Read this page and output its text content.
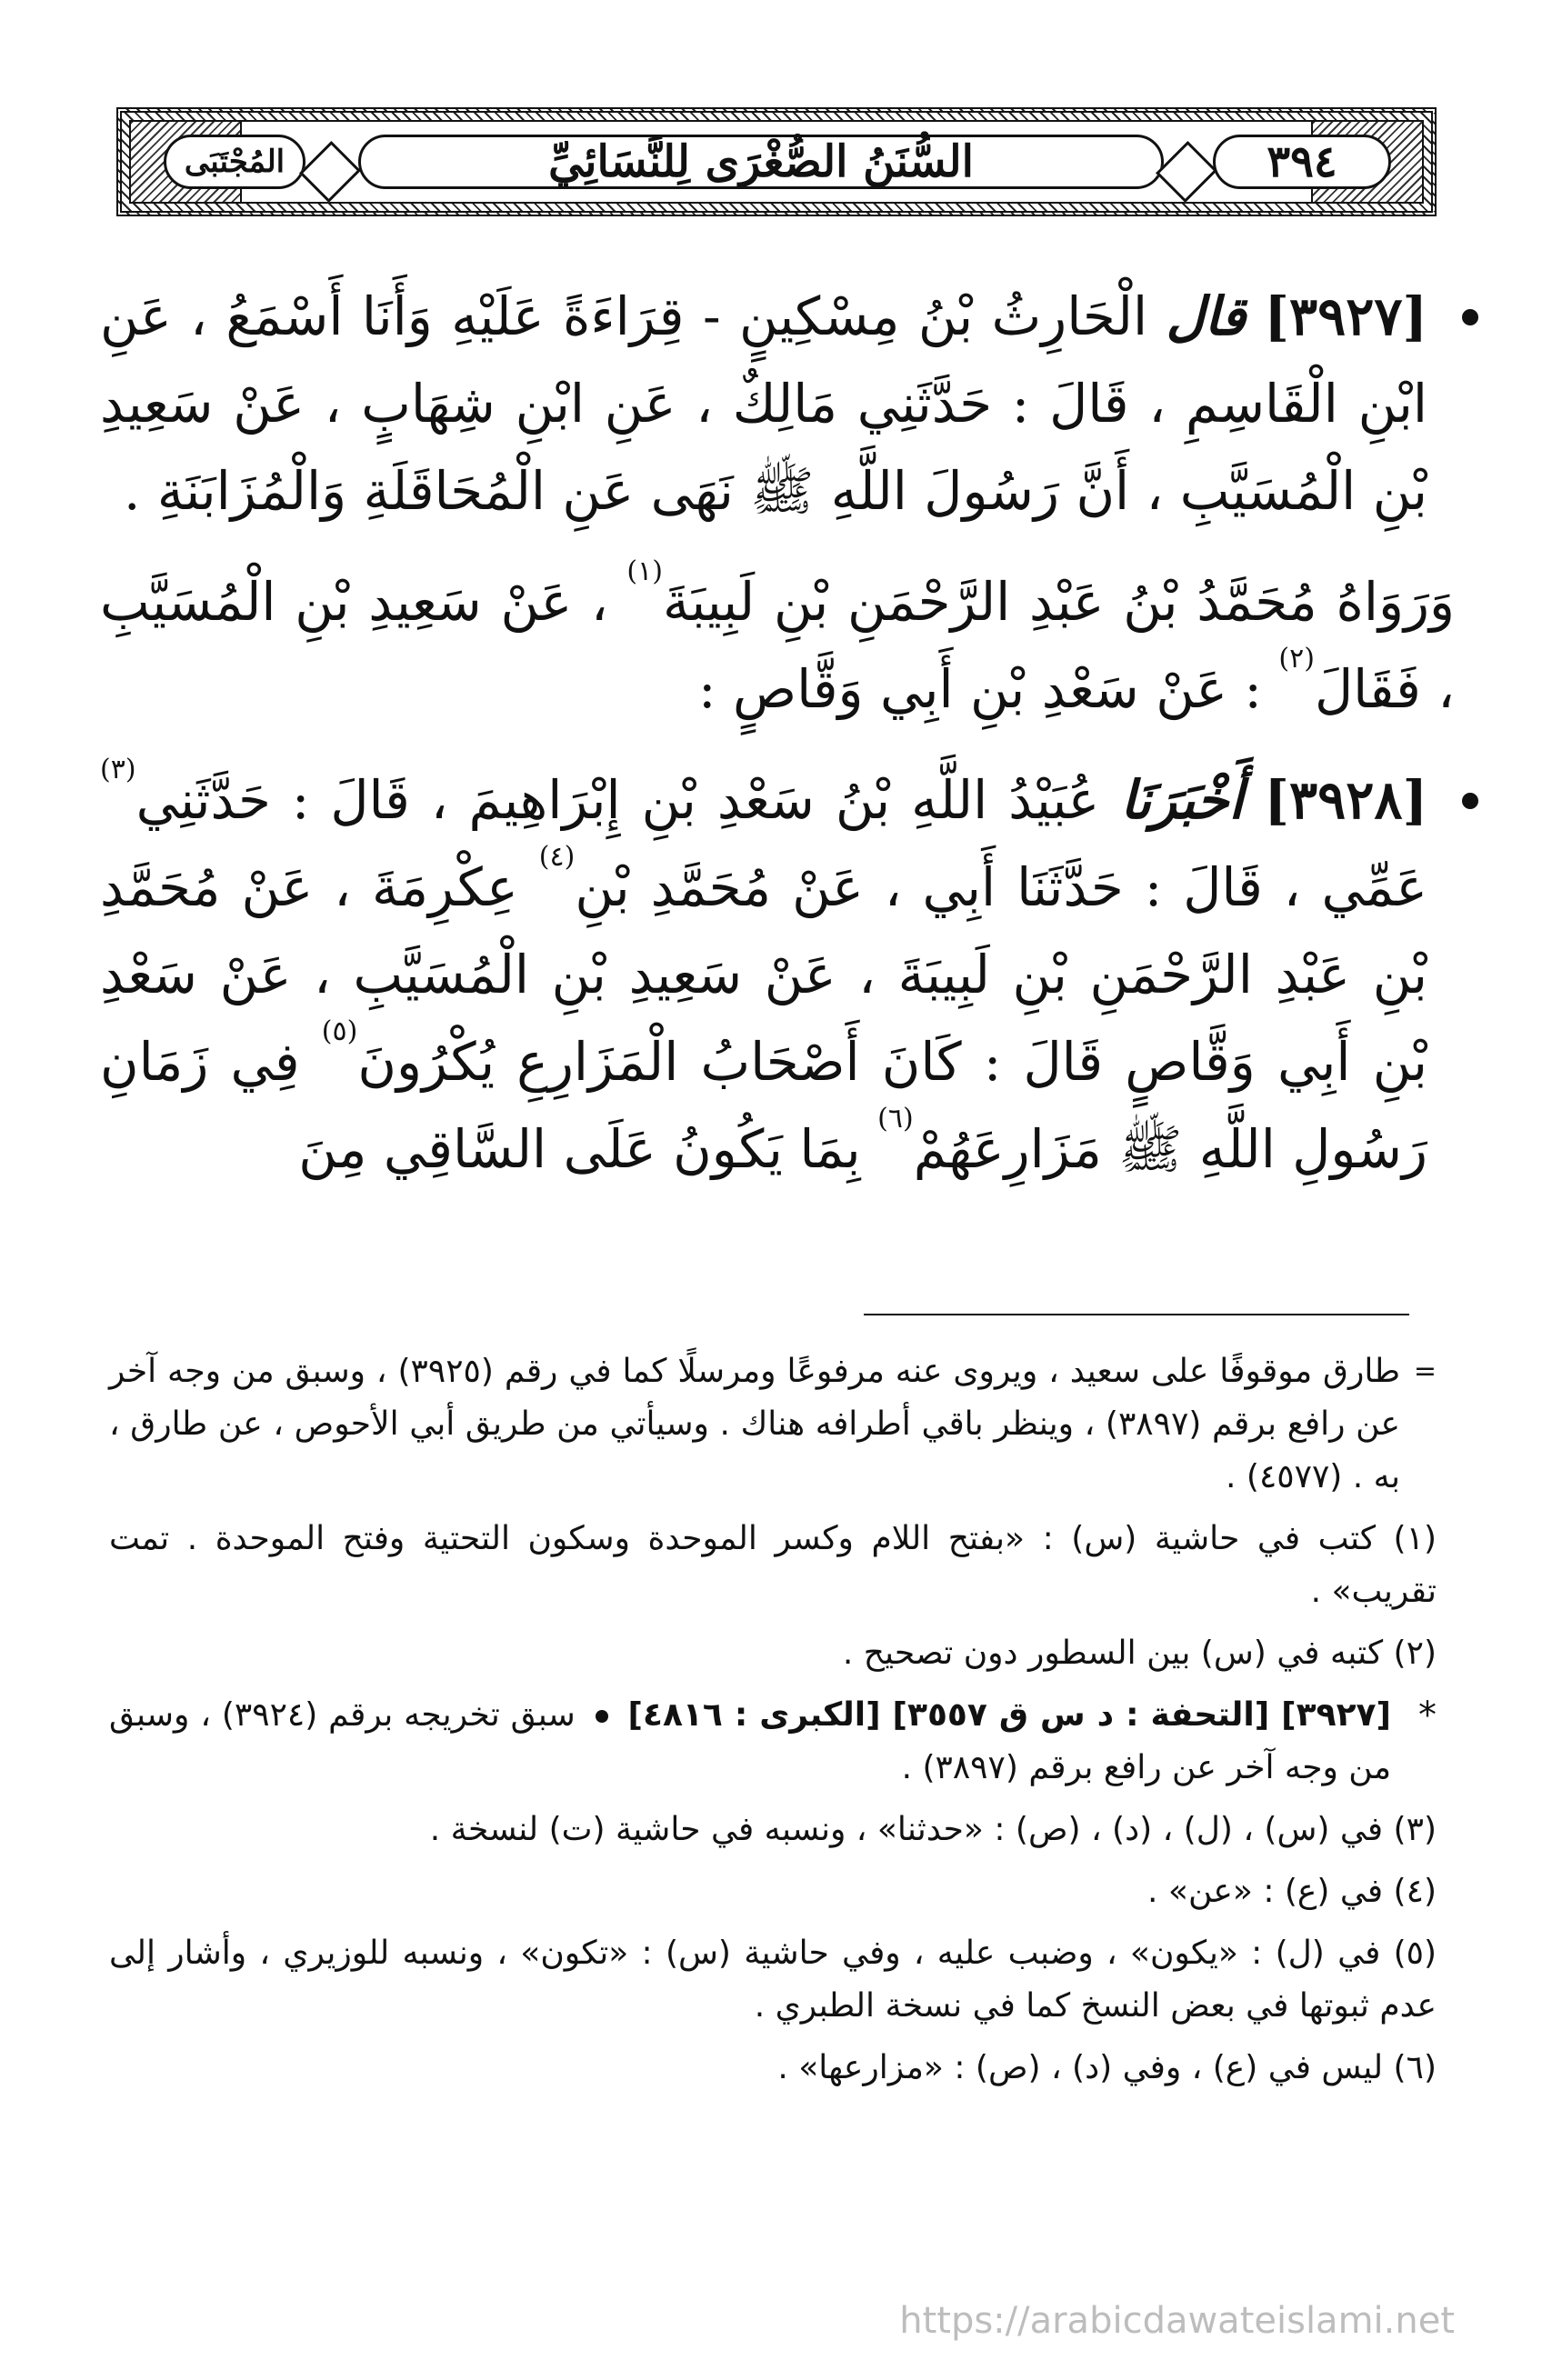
المُجْتَبَى	السُّنَنُ الصُّغْرَى لِلنَّسَائِيِّ	٣٩٤

[٣٩٢٧] قال الْحَارِثُ بْنُ مِسْكِينٍ - قِرَاءَةً عَلَيْهِ وَأَنَا أَسْمَعُ ، عَنِ ابْنِ الْقَاسِمِ ، قَالَ : حَدَّثَنِي مَالِكٌ ، عَنِ ابْنِ شِهَابٍ ، عَنْ سَعِيدِ بْنِ الْمُسَيَّبِ ، أَنَّ رَسُولَ اللَّهِ ﷺ نَهَى عَنِ الْمُحَاقَلَةِ وَالْمُزَابَنَةِ .

وَرَوَاهُ مُحَمَّدُ بْنُ عَبْدِ الرَّحْمَنِ بْنِ لَبِيبَةَ$^{(١)}$ ، عَنْ سَعِيدِ بْنِ الْمُسَيَّبِ ، فَقَالَ$^{(٢)}$ : عَنْ سَعْدِ بْنِ أَبِي وَقَّاصٍ :

[٣٩٢٨] أَخْبَرَنَا عُبَيْدُ اللَّهِ بْنُ سَعْدِ بْنِ إِبْرَاهِيمَ ، قَالَ : حَدَّثَنِي$^{(٣)}$ عَمِّي ، قَالَ : حَدَّثَنَا أَبِي ، عَنْ مُحَمَّدِ بْنِ$^{(٤)}$ عِكْرِمَةَ ، عَنْ مُحَمَّدِ بْنِ عَبْدِ الرَّحْمَنِ بْنِ لَبِيبَةَ ، عَنْ سَعِيدِ بْنِ الْمُسَيَّبِ ، عَنْ سَعْدِ بْنِ أَبِي وَقَّاصٍ قَالَ : كَانَ أَصْحَابُ الْمَزَارِعِ يُكْرُونَ$^{(٥)}$ فِي زَمَانِ رَسُولِ اللَّهِ ﷺ مَزَارِعَهُمْ$^{(٦)}$ بِمَا يَكُونُ عَلَى السَّاقِي مِنَ

= طارق موقوفًا على سعيد ، ويروى عنه مرفوعًا ومرسلًا كما في رقم (٣٩٢٥) ، وسبق من وجه آخر عن رافع برقم (٣٨٩٧) ، وينظر باقي أطرافه هناك . وسيأتي من طريق أبي الأحوص ، عن طارق ، به . (٤٥٧٧) .

(١) كتب في حاشية (س) : «بفتح اللام وكسر الموحدة وسكون التحتية وفتح الموحدة . تمت تقريب» .

(٢) كتبه في (س) بين السطور دون تصحيح .

*
[٣٩٢٧] [التحفة : د س ق ٣٥٥٧] [الكبرى : ٤٨١٦]  سبق تخريجه برقم (٣٩٢٤) ، وسبق من وجه آخر عن رافع برقم (٣٨٩٧) .

(٣) في (س) ، (ل) ، (د) ، (ص) : «حدثنا» ، ونسبه في حاشية (ت) لنسخة .

(٤) في (ع) : «عن» .

(٥) في (ل) : «يكون» ، وضبب عليه ، وفي حاشية (س) : «تكون» ، ونسبه للوزيري ، وأشار إلى عدم ثبوتها في بعض النسخ كما في نسخة الطبري .

(٦) ليس في (ع) ، وفي (د) ، (ص) : «مزارعها» .

https://arabicdawateislami.net
